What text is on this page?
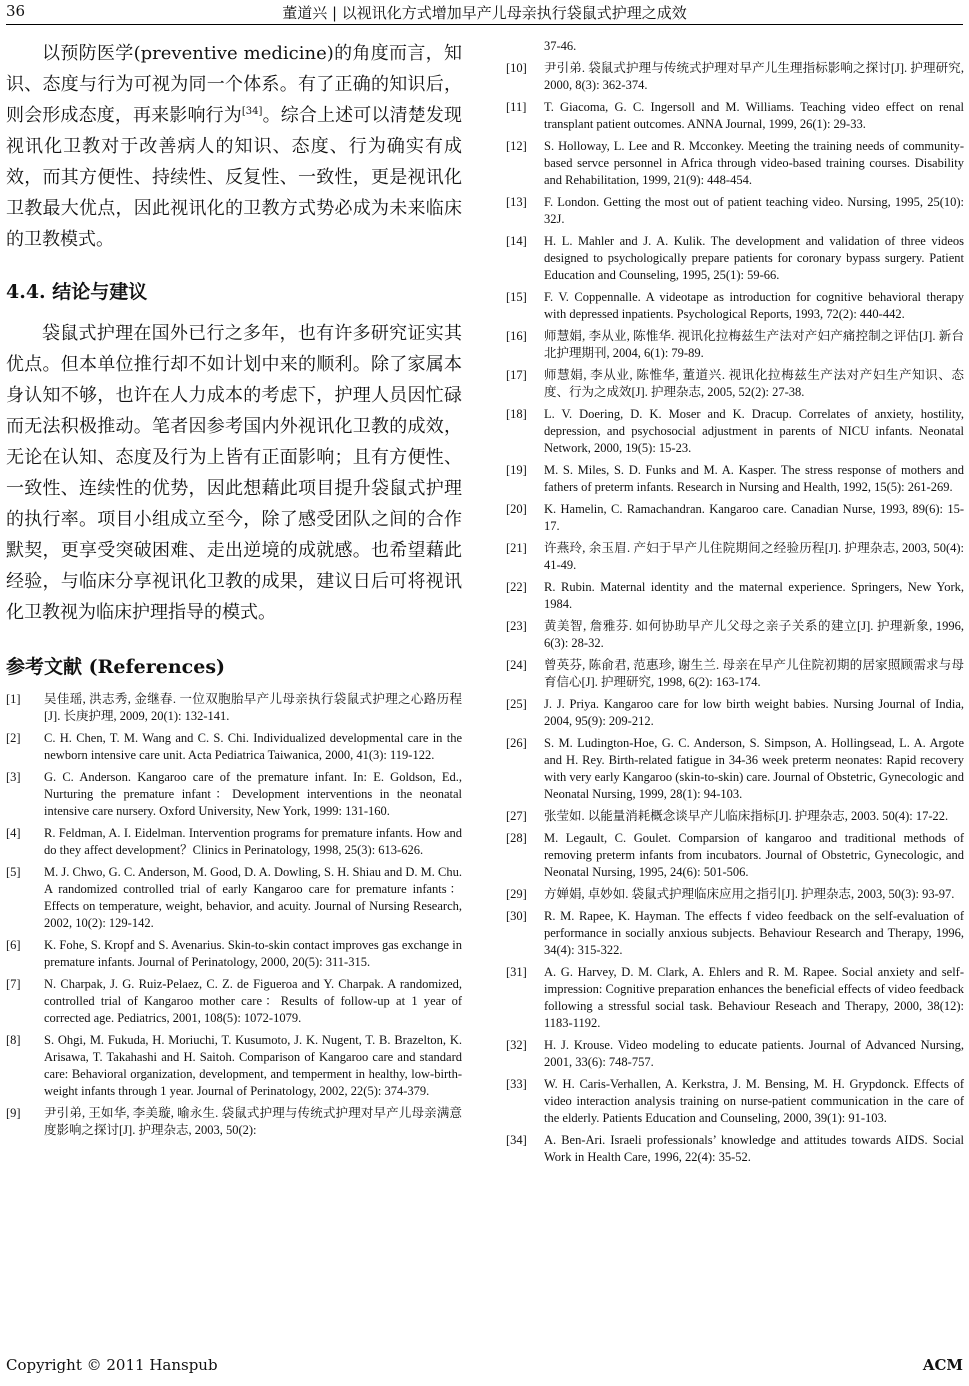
36	董道兴 | 以视讯化方式增加早产儿母亲执行袋鼠式护理之成效

以预防医学(preventive medicine)的角度而言，知识、态度与行为可视为同一个体系。有了正确的知识后，则会形成态度，再来影响行为[34]。综合上述可以清楚发现视讯化卫教对于改善病人的知识、态度、行为确实有成效，而其方便性、持续性、反复性、一致性，更是视讯化卫教最大优点，因此视讯化的卫教方式势必成为未来临床的卫教模式。

4.4. 结论与建议

袋鼠式护理在国外已行之多年，也有许多研究证实其优点。但本单位推行却不如计划中来的顺利。除了家属本身认知不够，也许在人力成本的考虑下，护理人员因忙碌而无法积极推动。笔者因参考国内外视讯化卫教的成效，无论在认知、态度及行为上皆有正面影响；且有方便性、一致性、连续性的优势，因此想藉此项目提升袋鼠式护理的执行率。项目小组成立至今，除了感受团队之间的合作默契，更享受突破困难、走出逆境的成就感。也希望藉此经验，与临床分享视讯化卫教的成果，建议日后可将视讯化卫教视为临床护理指导的模式。

参考文献 (References)
[1]	吴佳瑶, 洪志秀, 金继春. 一位双胞胎早产儿母亲执行袋鼠式护理之心路历程[J]. 长庚护理, 2009, 20(1): 132-141.
[2]	C. H. Chen, T. M. Wang and C. S. Chi. Individualized developmental care in the newborn intensive care unit. Acta Pediatrica Taiwanica, 2000, 41(3): 119-122.
[3]	G. C. Anderson. Kangaroo care of the premature infant. In: E. Goldson, Ed., Nurturing the premature infant：Development interventions in the neonatal intensive care nursery. Oxford University, New York, 1999: 131-160.
[4]	R. Feldman, A. I. Eidelman. Intervention programs for premature infants. How and do they affect development？Clinics in Perinatology, 1998, 25(3): 613-626.
[5]	M. J. Chwo, G. C. Anderson, M. Good, D. A. Dowling, S. H. Shiau and D. M. Chu. A randomized controlled trial of early Kangaroo care for premature infants：Effects on temperature, weight, behavior, and acuity. Journal of Nursing Research, 2002, 10(2): 129-142.
[6]	K. Fohe, S. Kropf and S. Avenarius. Skin-to-skin contact improves gas exchange in premature infants. Journal of Perinatology, 2000, 20(5): 311-315.
[7]	N. Charpak, J. G. Ruiz-Pelaez, C. Z. de Figueroa and Y. Charpak. A randomized, controlled trial of Kangaroo mother care：Results of follow-up at 1 year of corrected age. Pediatrics, 2001, 108(5): 1072-1079.
[8]	S. Ohgi, M. Fukuda, H. Moriuchi, T. Kusumoto, J. K. Nugent, T. B. Brazelton, K. Arisawa, T. Takahashi and H. Saitoh. Comparison of Kangaroo care and standard care: Behavioral organization, development, and temperment in healthy, low-birth-weight infants through 1 year. Journal of Perinatology, 2002, 22(5): 374-379.
[9]	尹引弟, 王如华, 李美璇, 喻永生. 袋鼠式护理与传统式护理对早产儿母亲满意度影响之探讨[J]. 护理杂志, 2003, 50(2):
37-46.
[10]	尹引弟. 袋鼠式护理与传统式护理对早产儿生理指标影响之探讨[J]. 护理研究, 2000, 8(3): 362-374.
[11]	T. Giacoma, G. C. Ingersoll and M. Williams. Teaching video effect on renal transplant patient outcomes. ANNA Journal, 1999, 26(1): 29-33.
[12]	S. Holloway, L. Lee and R. Mcconkey. Meeting the training needs of community-based servce personnel in Africa through video-based training courses. Disability and Rehabilitation, 1999, 21(9): 448-454.
[13]	F. London. Getting the most out of patient teaching video. Nursing, 1995, 25(10): 32J.
[14]	H. L. Mahler and J. A. Kulik. The development and validation of three videos designed to psychologically prepare patients for coronary bypass surgery. Patient Education and Counseling, 1995, 25(1): 59-66.
[15]	F. V. Coppennalle. A videotape as introduction for cognitive behavioral therapy with depressed inpatients. Psychological Reports, 1993, 72(2): 440-442.
[16]	师慧娟, 李从业, 陈惟华. 视讯化拉梅兹生产法对产妇产痛控制之评估[J]. 新台北护理期刊, 2004, 6(1): 79-89.
[17]	师慧娟, 李从业, 陈惟华, 董道兴. 视讯化拉梅兹生产法对产妇生产知识、态度、行为之成效[J]. 护理杂志, 2005, 52(2): 27-38.
[18]	L. V. Doering, D. K. Moser and K. Dracup. Correlates of anxiety, hostility, depression, and psychosocial adjustment in parents of NICU infants. Neonatal Network, 2000, 19(5): 15-23.
[19]	M. S. Miles, S. D. Funks and M. A. Kasper. The stress response of mothers and fathers of preterm infants. Research in Nursing and Health, 1992, 15(5): 261-269.
[20]	K. Hamelin, C. Ramachandran. Kangaroo care. Canadian Nurse, 1993, 89(6): 15-17.
[21]	许燕玲, 余玉眉. 产妇于早产儿住院期间之经验历程[J]. 护理杂志, 2003, 50(4): 41-49.
[22]	R. Rubin. Maternal identity and the maternal experience. Springers, New York, 1984.
[23]	黄美智, 詹雅芬. 如何协助早产儿父母之亲子关系的建立[J]. 护理新象, 1996, 6(3): 28-32.
[24]	曾英芬, 陈俞君, 范惠珍, 谢生兰. 母亲在早产儿住院初期的居家照顾需求与母育信心[J]. 护理研究, 1998, 6(2): 163-174.
[25]	J. J. Priya. Kangaroo care for low birth weight babies. Nursing Journal of India, 2004, 95(9): 209-212.
[26]	S. M. Ludington-Hoe, G. C. Anderson, S. Simpson, A. Hollingsead, L. A. Argote and H. Rey. Birth-related fatigue in 34-36 week preterm neonates: Rapid recovery with very early Kangaroo (skin-to-skin) care. Journal of Obstetric, Gynecologic and Neonatal Nursing, 1999, 28(1): 94-103.
[27]	张莹如. 以能量消耗概念谈早产儿临床指标[J]. 护理杂志, 2003. 50(4): 17-22.
[28]	M. Legault, C. Goulet. Comparsion of kangaroo and traditional methods of removing preterm infants from incubators. Journal of Obstetric, Gynecologic, and Neonatal Nursing, 1995, 24(6): 501-506.
[29]	方婵娟, 卓妙如. 袋鼠式护理临床应用之指引[J]. 护理杂志, 2003, 50(3): 93-97.
[30]	R. M. Rapee, K. Hayman. The effects f video feedback on the self-evaluation of performance in socially anxious subjects. Behaviour Research and Therapy, 1996, 34(4): 315-322.
[31]	A. G. Harvey, D. M. Clark, A. Ehlers and R. M. Rapee. Social anxiety and self-impression: Cognitive preparation enhances the beneficial effects of video feedback following a stressful social task. Behaviour Reseach and Therapy, 2000, 38(12): 1183-1192.
[32]	H. J. Krouse. Video modeling to educate patients. Journal of Advanced Nursing, 2001, 33(6): 748-757.
[33]	W. H. Caris-Verhallen, A. Kerkstra, J. M. Bensing, M. H. Grypdonck. Effects of video interaction analysis training on nurse-patient communication in the care of the elderly. Patients Education and Counseling, 2000, 39(1): 91-103.
[34]	A. Ben-Ari. Israeli professionals’ knowledge and attitudes towards AIDS. Social Work in Health Care, 1996, 22(4): 35-52.
Copyright © 2011 Hanspub	ACM
